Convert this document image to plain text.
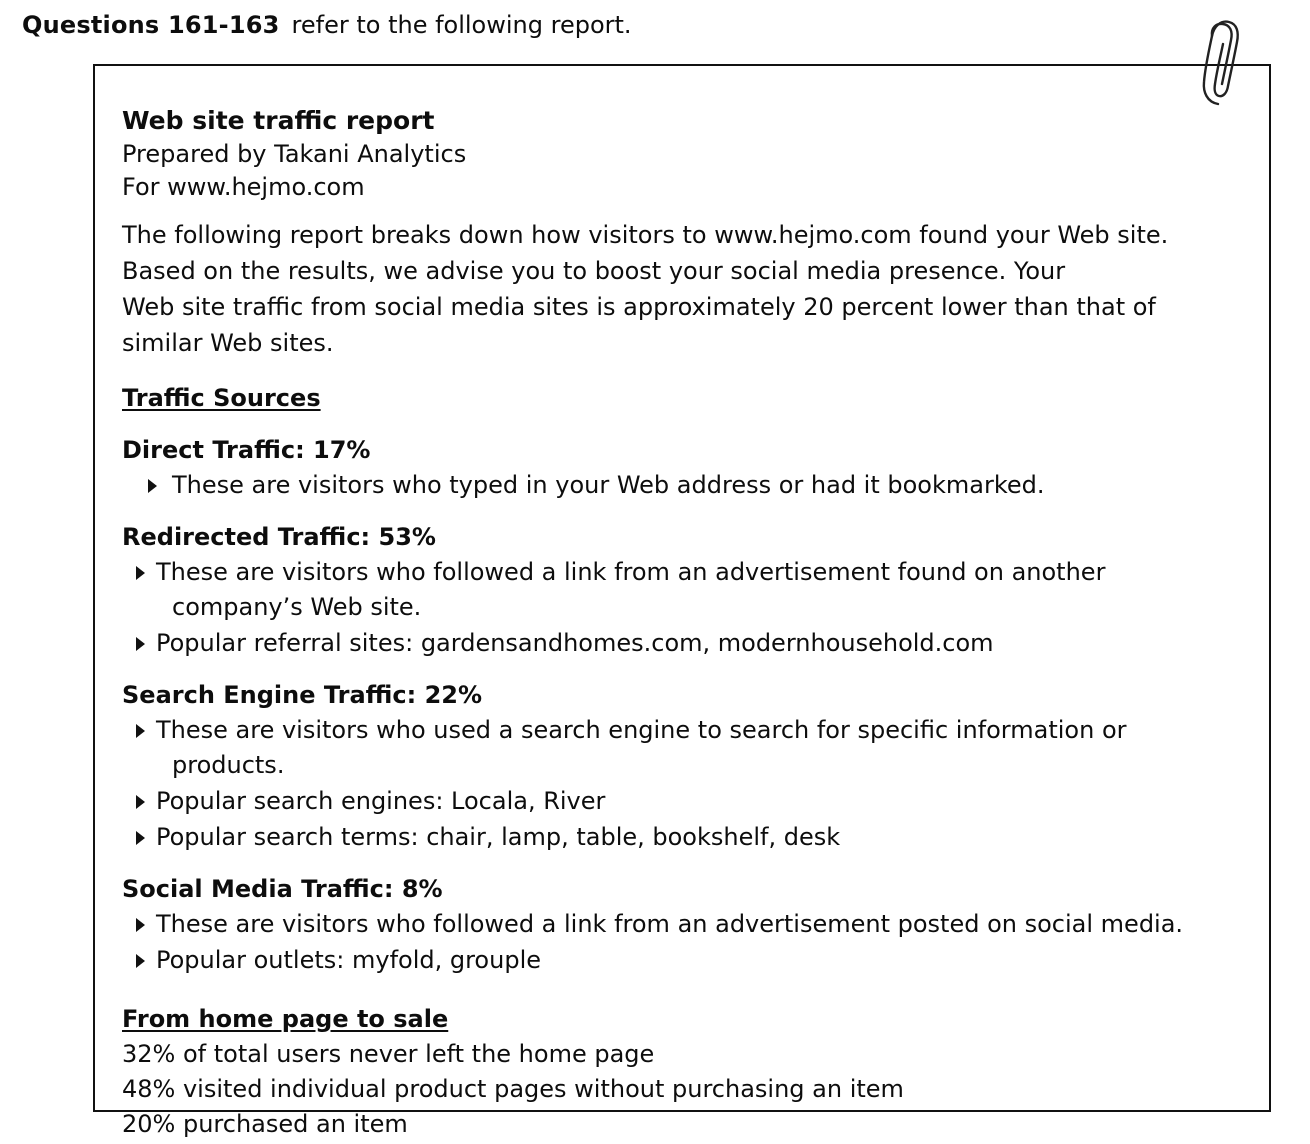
Questions 161-163 refer to the following report.
Web site traffic report
Prepared by Takani Analytics
For www.hejmo.com
The following report breaks down how visitors to www.hejmo.com found your Web site.
Based on the results, we advise you to boost your social media presence. Your
Web site traffic from social media sites is approximately 20 percent lower than that of
similar Web sites.
Traffic Sources
Direct Traffic: 17%
These are visitors who typed in your Web address or had it bookmarked.
Redirected Traffic: 53%
These are visitors who followed a link from an advertisement found on another
company’s Web site.
Popular referral sites: gardensandhomes.com, modernhousehold.com
Search Engine Traffic: 22%
These are visitors who used a search engine to search for specific information or
products.
Popular search engines: Locala, River
Popular search terms: chair, lamp, table, bookshelf, desk
Social Media Traffic: 8%
These are visitors who followed a link from an advertisement posted on social media.
Popular outlets: myfold, grouple
From home page to sale
32% of total users never left the home page
48% visited individual product pages without purchasing an item
20% purchased an item
